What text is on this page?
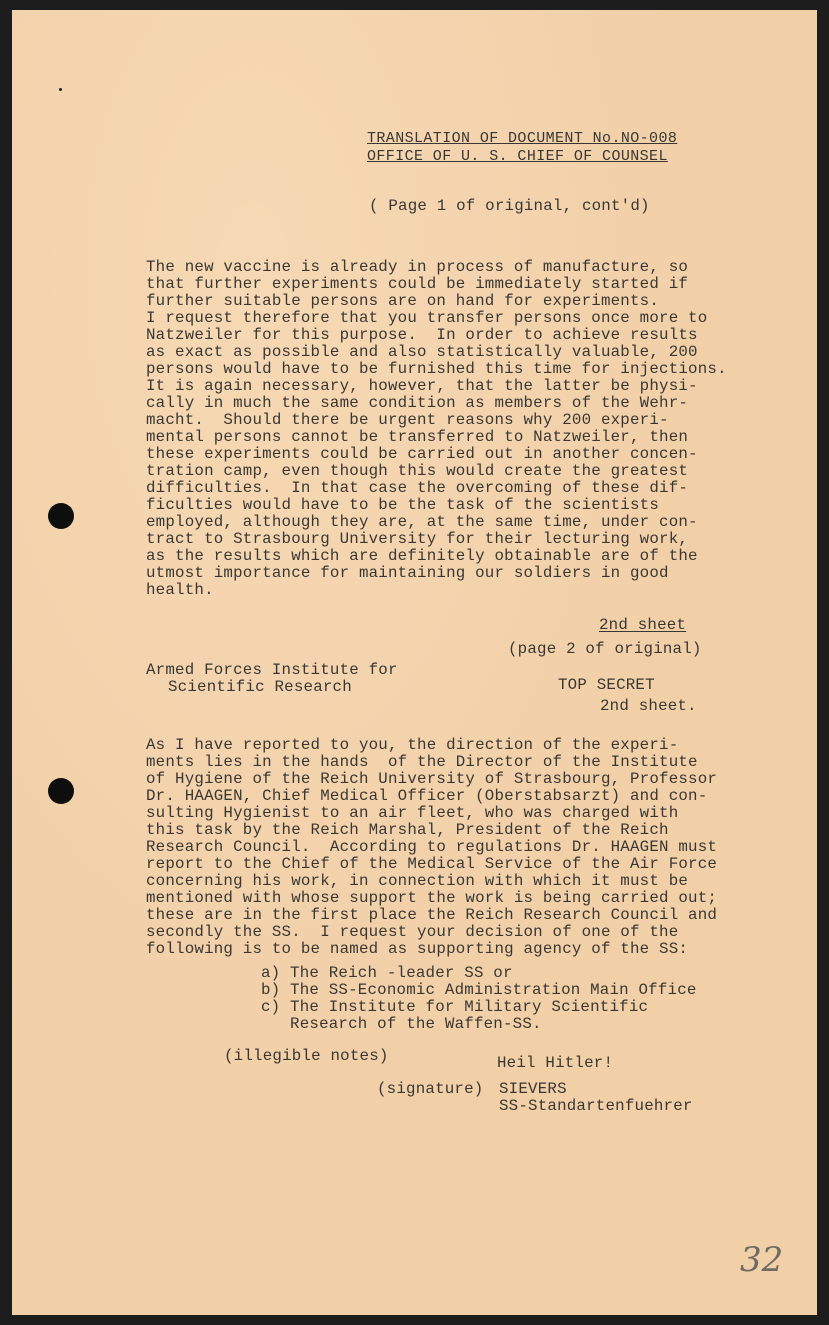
TRANSLATION OF DOCUMENT No.NO-008
OFFICE OF U. S. CHIEF OF COUNSEL
( Page 1 of original, cont'd)
The new vaccine is already in process of manufacture, so
that further experiments could be immediately started if
further suitable persons are on hand for experiments.
I request therefore that you transfer persons once more to
Natzweiler for this purpose.  In order to achieve results
as exact as possible and also statistically valuable, 200
persons would have to be furnished this time for injections.
It is again necessary, however, that the latter be physi-
cally in much the same condition as members of the Wehr-
macht.  Should there be urgent reasons why 200 experi-
mental persons cannot be transferred to Natzweiler, then
these experiments could be carried out in another concen-
tration camp, even though this would create the greatest
difficulties.  In that case the overcoming of these dif-
ficulties would have to be the task of the scientists
employed, although they are, at the same time, under con-
tract to Strasbourg University for their lecturing work,
as the results which are definitely obtainable are of the
utmost importance for maintaining our soldiers in good
health.
2nd sheet
(page 2 of original)
Armed Forces Institute for
Scientific Research	TOP SECRET
2nd sheet.
As I have reported to you, the direction of the experi-
ments lies in the hands  of the Director of the Institute
of Hygiene of the Reich University of Strasbourg, Professor
Dr. HAAGEN, Chief Medical Officer (Oberstabsarzt) and con-
sulting Hygienist to an air fleet, who was charged with
this task by the Reich Marshal, President of the Reich
Research Council.  According to regulations Dr. HAAGEN must
report to the Chief of the Medical Service of the Air Force
concerning his work, in connection with which it must be
mentioned with whose support the work is being carried out;
these are in the first place the Reich Research Council and
secondly the SS.  I request your decision of one of the
following is to be named as supporting agency of the SS:
a) The Reich -leader SS or
b) The SS-Economic Administration Main Office
c) The Institute for Military Scientific
Research of the Waffen-SS.
(illegible notes)	Heil Hitler!
(signature) SIEVERS
SS-Standartenfuehrer
32
